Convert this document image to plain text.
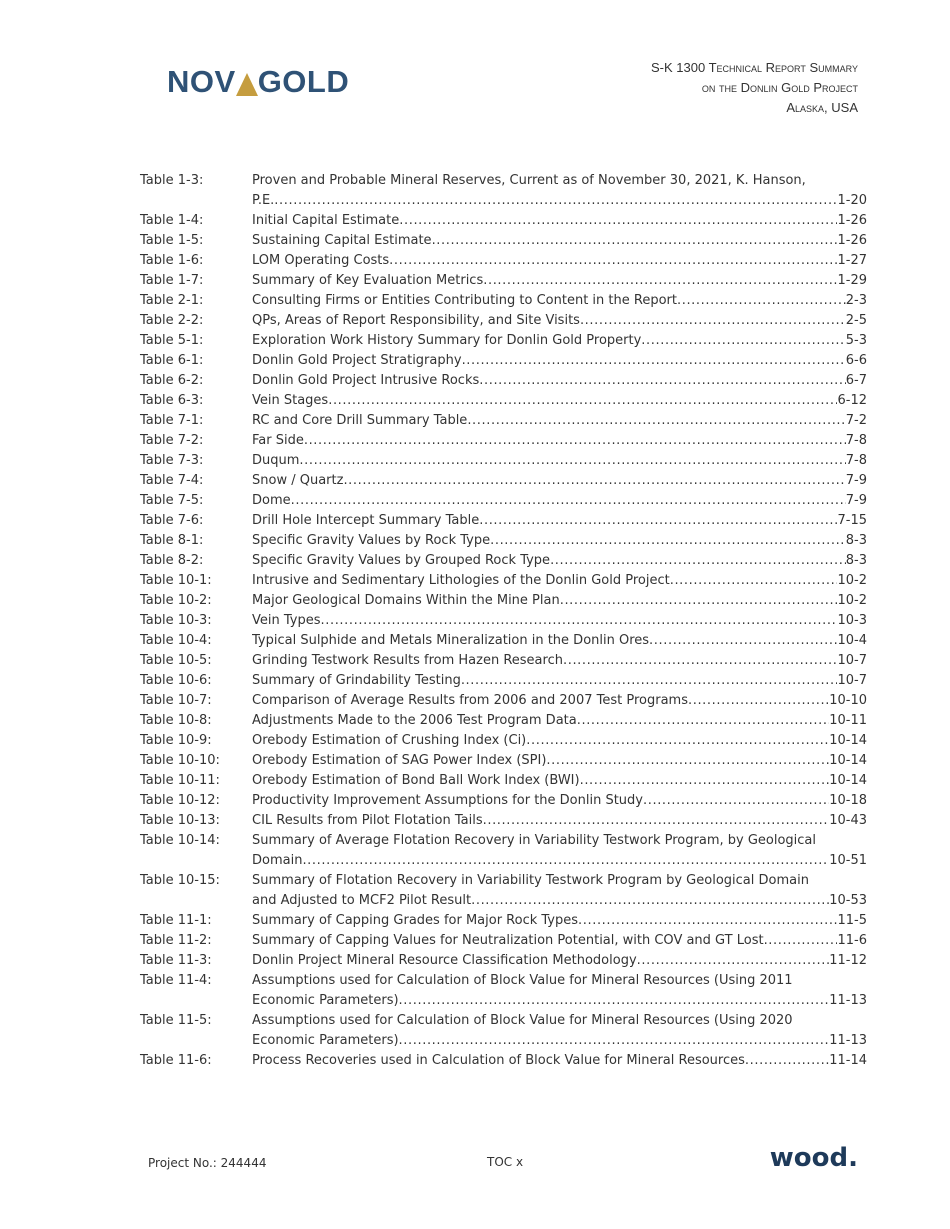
NOV GOLD	S-K 1300 Technical Report Summary
on the Donlin Gold Project
Alaska, USA
Table 1-3:	Proven and Probable Mineral Reserves, Current as of November 30, 2021, K. Hanson,
P.E. .....	1-20
Table 1-4:	Initial Capital Estimate .....	1-26
Table 1-5:	Sustaining Capital Estimate .....	1-26
Table 1-6:	LOM Operating Costs .....	1-27
Table 1-7:	Summary of Key Evaluation Metrics .....	1-29
Table 2-1:	Consulting Firms or Entities Contributing to Content in the Report .....	2-3
Table 2-2:	QPs, Areas of Report Responsibility, and Site Visits .....	2-5
Table 5-1:	Exploration Work History Summary for Donlin Gold Property .....	5-3
Table 6-1:	Donlin Gold Project Stratigraphy .....	6-6
Table 6-2:	Donlin Gold Project Intrusive Rocks .....	6-7
Table 6-3:	Vein Stages .....	6-12
Table 7-1:	RC and Core Drill Summary Table .....	7-2
Table 7-2:	Far Side .....	7-8
Table 7-3:	Duqum .....	7-8
Table 7-4:	Snow / Quartz .....	7-9
Table 7-5:	Dome .....	7-9
Table 7-6:	Drill Hole Intercept Summary Table .....	7-15
Table 8-1:	Specific Gravity Values by Rock Type .....	8-3
Table 8-2:	Specific Gravity Values by Grouped Rock Type .....	8-3
Table 10-1:	Intrusive and Sedimentary Lithologies of the Donlin Gold Project .....	10-2
Table 10-2:	Major Geological Domains Within the Mine Plan .....	10-2
Table 10-3:	Vein Types .....	10-3
Table 10-4:	Typical Sulphide and Metals Mineralization in the Donlin Ores .....	10-4
Table 10-5:	Grinding Testwork Results from Hazen Research .....	10-7
Table 10-6:	Summary of Grindability Testing .....	10-7
Table 10-7:	Comparison of Average Results from 2006 and 2007 Test Programs .....	10-10
Table 10-8:	Adjustments Made to the 2006 Test Program Data .....	10-11
Table 10-9:	Orebody Estimation of Crushing Index (Ci) .....	10-14
Table 10-10:	Orebody Estimation of SAG Power Index (SPI) .....	10-14
Table 10-11:	Orebody Estimation of Bond Ball Work Index (BWI) .....	10-14
Table 10-12:	Productivity Improvement Assumptions for the Donlin Study .....	10-18
Table 10-13:	CIL Results from Pilot Flotation Tails .....	10-43
Table 10-14:	Summary of Average Flotation Recovery in Variability Testwork Program, by Geological
Domain .....	10-51
Table 10-15:	Summary of Flotation Recovery in Variability Testwork Program by Geological Domain
and Adjusted to MCF2 Pilot Result .....	10-53
Table 11-1:	Summary of Capping Grades for Major Rock Types .....	11-5
Table 11-2:	Summary of Capping Values for Neutralization Potential, with COV and GT Lost .....	11-6
Table 11-3:	Donlin Project Mineral Resource Classification Methodology .....	11-12
Table 11-4:	Assumptions used for Calculation of Block Value for Mineral Resources (Using 2011
Economic Parameters) .....	11-13
Table 11-5:	Assumptions used for Calculation of Block Value for Mineral Resources (Using 2020
Economic Parameters) .....	11-13
Table 11-6:	Process Recoveries used in Calculation of Block Value for Mineral Resources .....	11-14
Project No.: 244444	TOC x	wood.
